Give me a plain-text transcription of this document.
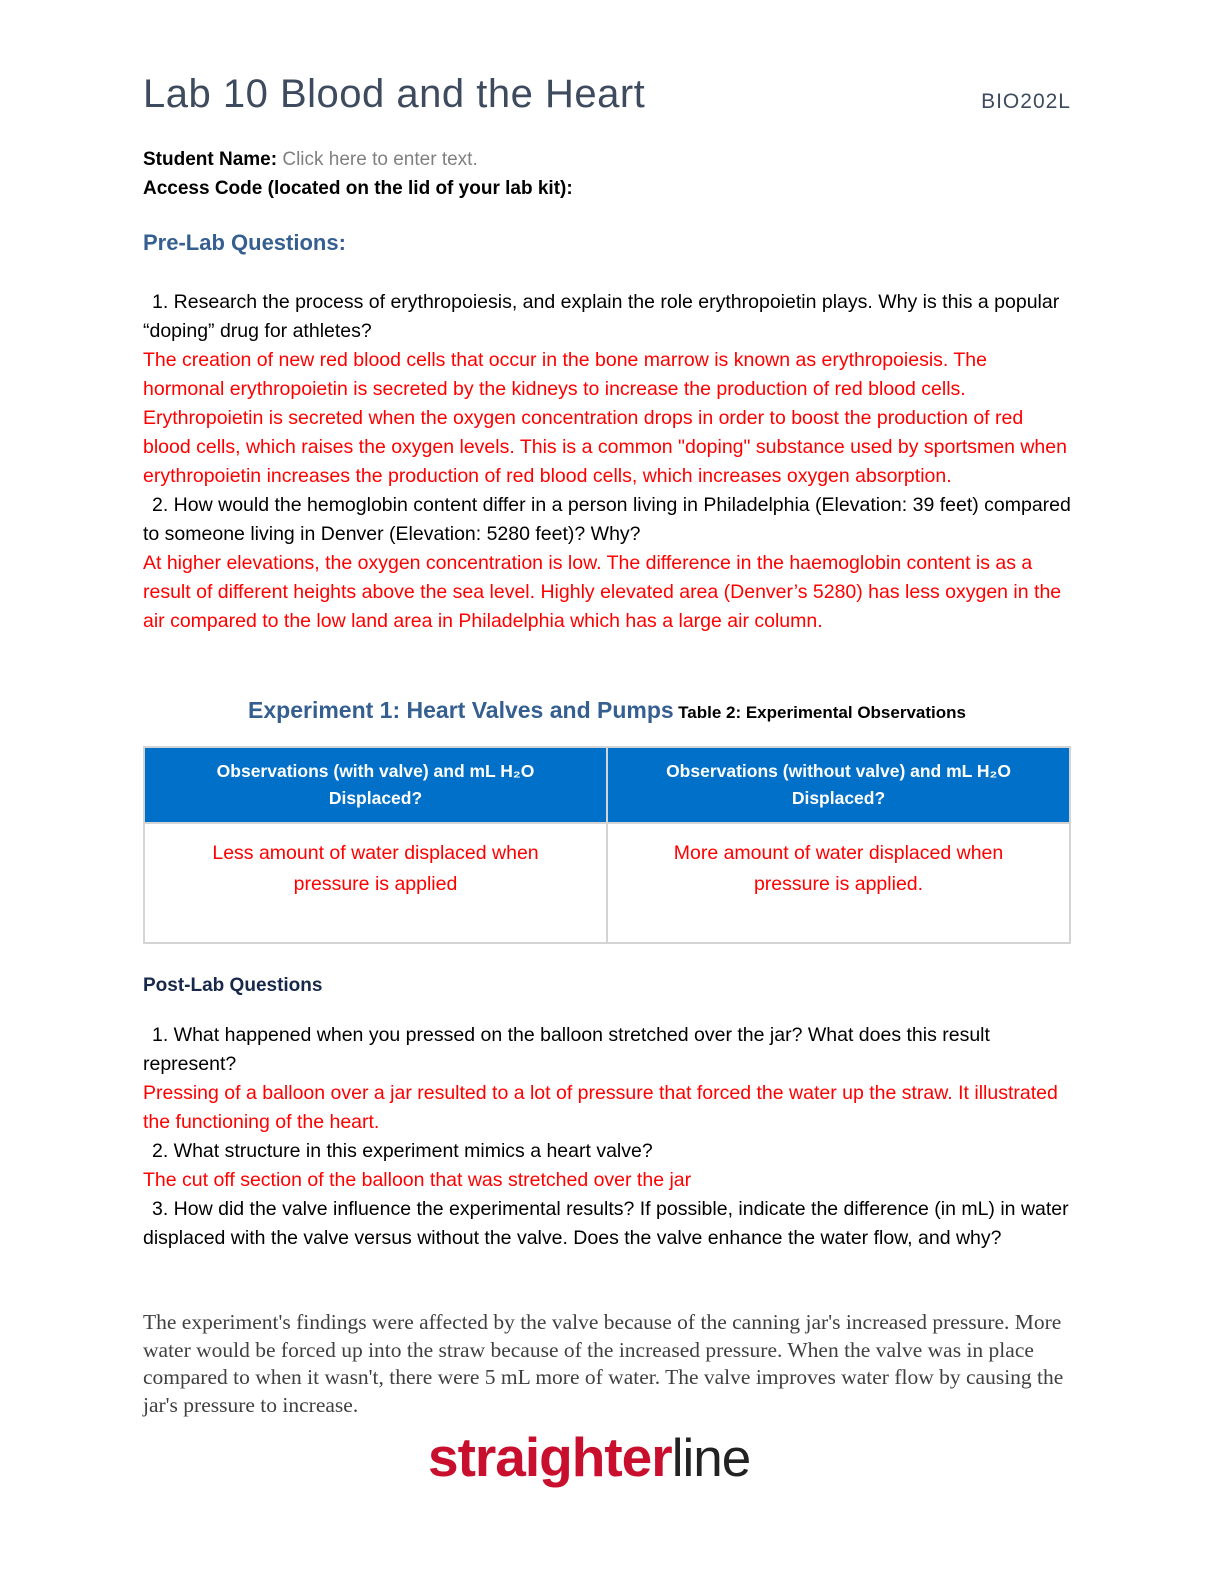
Lab 10 Blood and the Heart	BIO202L
Student Name: Click here to enter text.
Access Code (located on the lid of your lab kit):
Pre-Lab Questions:
1. Research the process of erythropoiesis, and explain the role erythropoietin plays. Why is this a popular “doping” drug for athletes?
The creation of new red blood cells that occur in the bone marrow is known as erythropoiesis. The hormonal erythropoietin is secreted by the kidneys to increase the production of red blood cells. Erythropoietin is secreted when the oxygen concentration drops in order to boost the production of red blood cells, which raises the oxygen levels. This is a common "doping" substance used by sportsmen when erythropoietin increases the production of red blood cells, which increases oxygen absorption.
2. How would the hemoglobin content differ in a person living in Philadelphia (Elevation: 39 feet) compared to someone living in Denver (Elevation: 5280 feet)? Why?
At higher elevations, the oxygen concentration is low. The difference in the haemoglobin content is as a result of different heights above the sea level. Highly elevated area (Denver’s 5280) has less oxygen in the air compared to the low land area in Philadelphia which has a large air column.
Experiment 1: Heart Valves and Pumps Table 2: Experimental Observations
Observations (with valve) and mL H₂O Displaced?	Observations (without valve) and mL H₂O Displaced?
Less amount of water displaced when pressure is applied	More amount of water displaced when pressure is applied.
Post-Lab Questions
1. What happened when you pressed on the balloon stretched over the jar? What does this result represent?
Pressing of a balloon over a jar resulted to a lot of pressure that forced the water up the straw. It illustrated the functioning of the heart.
2. What structure in this experiment mimics a heart valve?
The cut off section of the balloon that was stretched over the jar
3. How did the valve influence the experimental results? If possible, indicate the difference (in mL) in water displaced with the valve versus without the valve. Does the valve enhance the water flow, and why?
The experiment's findings were affected by the valve because of the canning jar's increased pressure. More water would be forced up into the straw because of the increased pressure. When the valve was in place compared to when it wasn't, there were 5 mL more of water. The valve improves water flow by causing the jar's pressure to increase.
straighterline
